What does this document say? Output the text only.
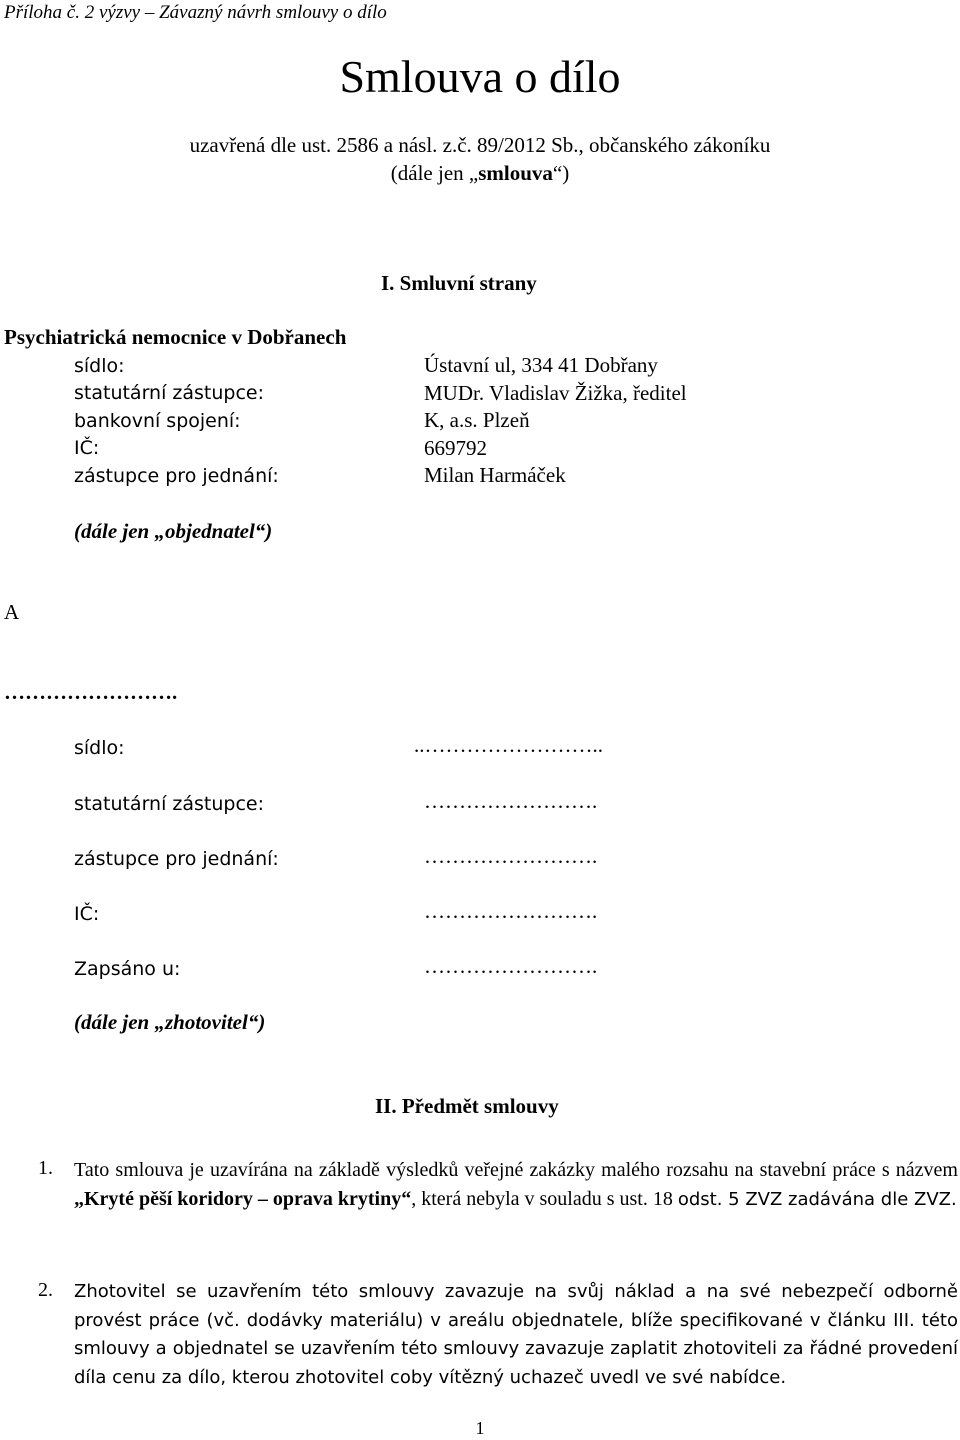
Příloha č. 2 výzvy – Závazný návrh smlouvy o dílo
Smlouva o dílo
uzavřená dle ust. 2586 a násl. z.č. 89/2012 Sb., občanského zákoníku
(dále jen „smlouva“)
I. Smluvní strany
Psychiatrická nemocnice v Dobřanech
sídlo:	Ústavní ul, 334 41 Dobřany
statutární zástupce:	MUDr. Vladislav Žižka, ředitel
bankovní spojení:	K, a.s. Plzeň
IČ:	669792
zástupce pro jednání:	Milan Harmáček
(dále jen „objednatel“)
A
…………………….
sídlo:	..……………………..
statutární zástupce:	…………………….
zástupce pro jednání:	…………………….
IČ:	…………………….
Zapsáno u:	…………………….
(dále jen „zhotovitel“)
II. Předmět smlouvy
1. Tato smlouva je uzavírána na základě výsledků veřejné zakázky malého rozsahu na stavební práce s názvem „Kryté pěší koridory – oprava krytiny“, která nebyla v souladu s ust. 18 odst. 5 ZVZ zadávána dle ZVZ.
2. Zhotovitel se uzavřením této smlouvy zavazuje na svůj náklad a na své nebezpečí odborně provést práce (vč. dodávky materiálu) v areálu objednatele, blíže specifikované v článku III. této smlouvy a objednatel se uzavřením této smlouvy zavazuje zaplatit zhotoviteli za řádné provedení díla cenu za dílo, kterou zhotovitel coby vítězný uchazeč uvedl ve své nabídce.
1
